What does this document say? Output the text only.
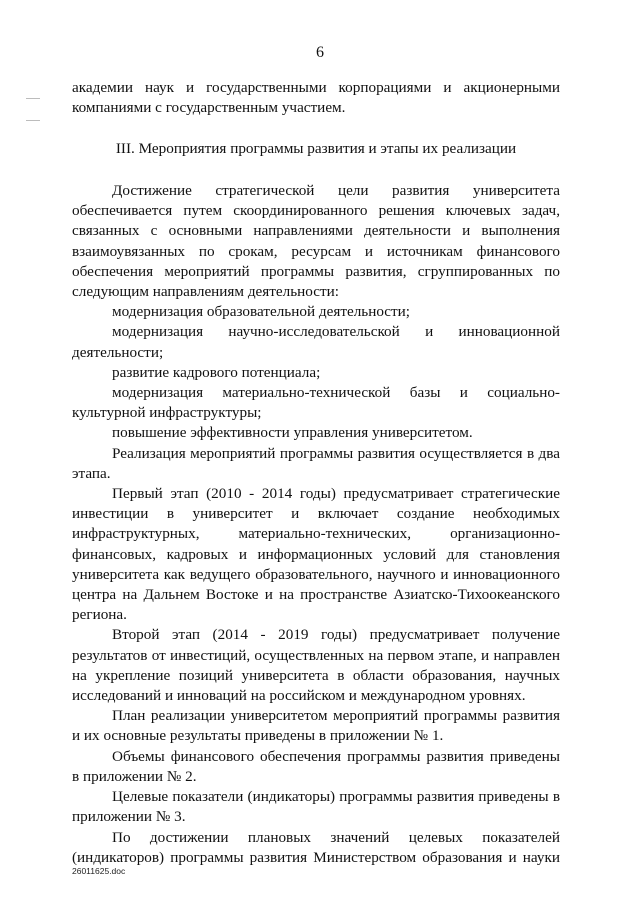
6

академии наук и государственными корпорациями и акционерными компаниями с государственным участием.

III. Мероприятия программы развития и этапы их реализации

Достижение стратегической цели развития университета обеспечивается путем скоординированного решения ключевых задач, связанных с основными направлениями деятельности и выполнения взаимоувязанных по срокам, ресурсам и источникам финансового обеспечения мероприятий программы развития, сгруппированных по следующим направлениям деятельности:

модернизация образовательной деятельности;

модернизация научно-исследовательской и инновационной деятельности;

развитие кадрового потенциала;

модернизация материально-технической базы и социально-культурной инфраструктуры;

повышение эффективности управления университетом.

Реализация мероприятий программы развития осуществляется в два этапа.

Первый этап (2010 - 2014 годы) предусматривает стратегические инвестиции в университет и включает создание необходимых инфраструктурных, материально-технических, организационно-финансовых, кадровых и информационных условий для становления университета как ведущего образовательного, научного и инновационного центра на Дальнем Востоке и на пространстве Азиатско-Тихоокеанского региона.

Второй этап (2014 - 2019 годы) предусматривает получение результатов от инвестиций, осуществленных на первом этапе, и направлен на укрепление позиций университета в области образования, научных исследований и инноваций на российском и международном уровнях.

План реализации университетом мероприятий программы развития и их основные результаты приведены в приложении № 1.

Объемы финансового обеспечения программы развития приведены в приложении № 2.

Целевые показатели (индикаторы) программы развития приведены в приложении № 3.

По достижении плановых значений целевых показателей (индикаторов) программы развития Министерством образования и науки

26011625.doc
